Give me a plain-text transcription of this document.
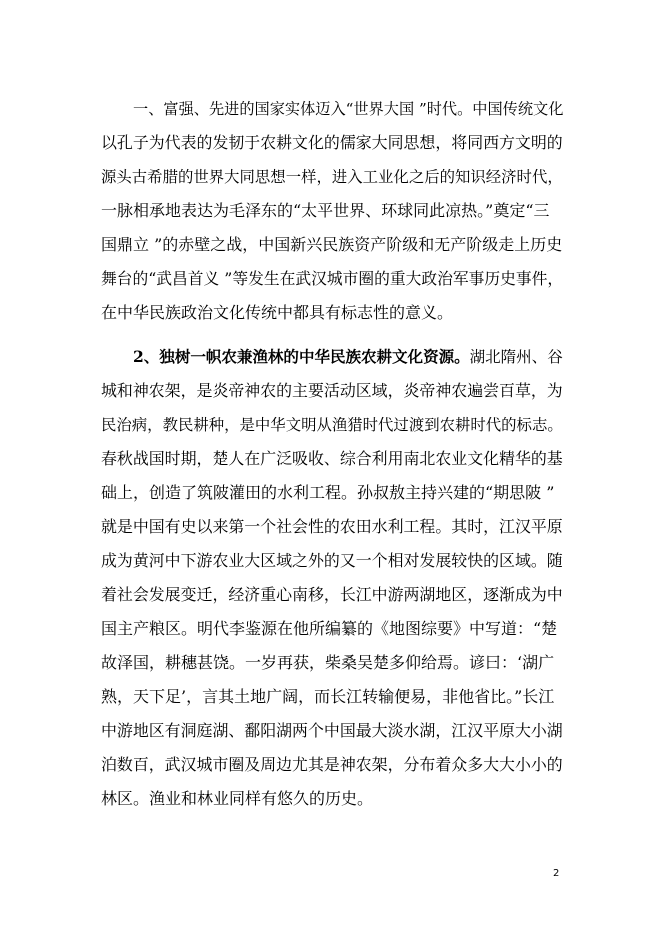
一、富强、先进的国家实体迈入“世界大国 ”时代。中国传统文化
以孔子为代表的发韧于农耕文化的儒家大同思想，将同西方文明的
源头古希腊的世界大同思想一样，进入工业化之后的知识经济时代，
一脉相承地表达为毛泽东的“太平世界、环球同此凉热。”奠定“三
国鼎立 ”的赤壁之战，中国新兴民族资产阶级和无产阶级走上历史
舞台的“武昌首义 ”等发生在武汉城市圈的重大政治军事历史事件，
在中华民族政治文化传统中都具有标志性的意义。
2、独树一帜农兼渔林的中华民族农耕文化资源。湖北隋州、谷
城和神农架，是炎帝神农的主要活动区域，炎帝神农遍尝百草，为
民治病，教民耕种，是中华文明从渔猎时代过渡到农耕时代的标志。
春秋战国时期，楚人在广泛吸收、综合利用南北农业文化精华的基
础上，创造了筑陂灌田的水利工程。孙叔敖主持兴建的“期思陂 ”
就是中国有史以来第一个社会性的农田水利工程。其时，江汉平原
成为黄河中下游农业大区域之外的又一个相对发展较快的区域。随
着社会发展变迁，经济重心南移，长江中游两湖地区，逐渐成为中
国主产粮区。明代李鉴源在他所编纂的《地图综要》中写道：“楚
故泽国，耕穗甚饶。一岁再获，柴桑吴楚多仰给焉。谚曰：‘湖广
熟，天下足’，言其土地广阔，而长江转输便易，非他省比。”长江
中游地区有洞庭湖、鄱阳湖两个中国最大淡水湖，江汉平原大小湖
泊数百，武汉城市圈及周边尤其是神农架，分布着众多大大小小的
林区。渔业和林业同样有悠久的历史。
2
